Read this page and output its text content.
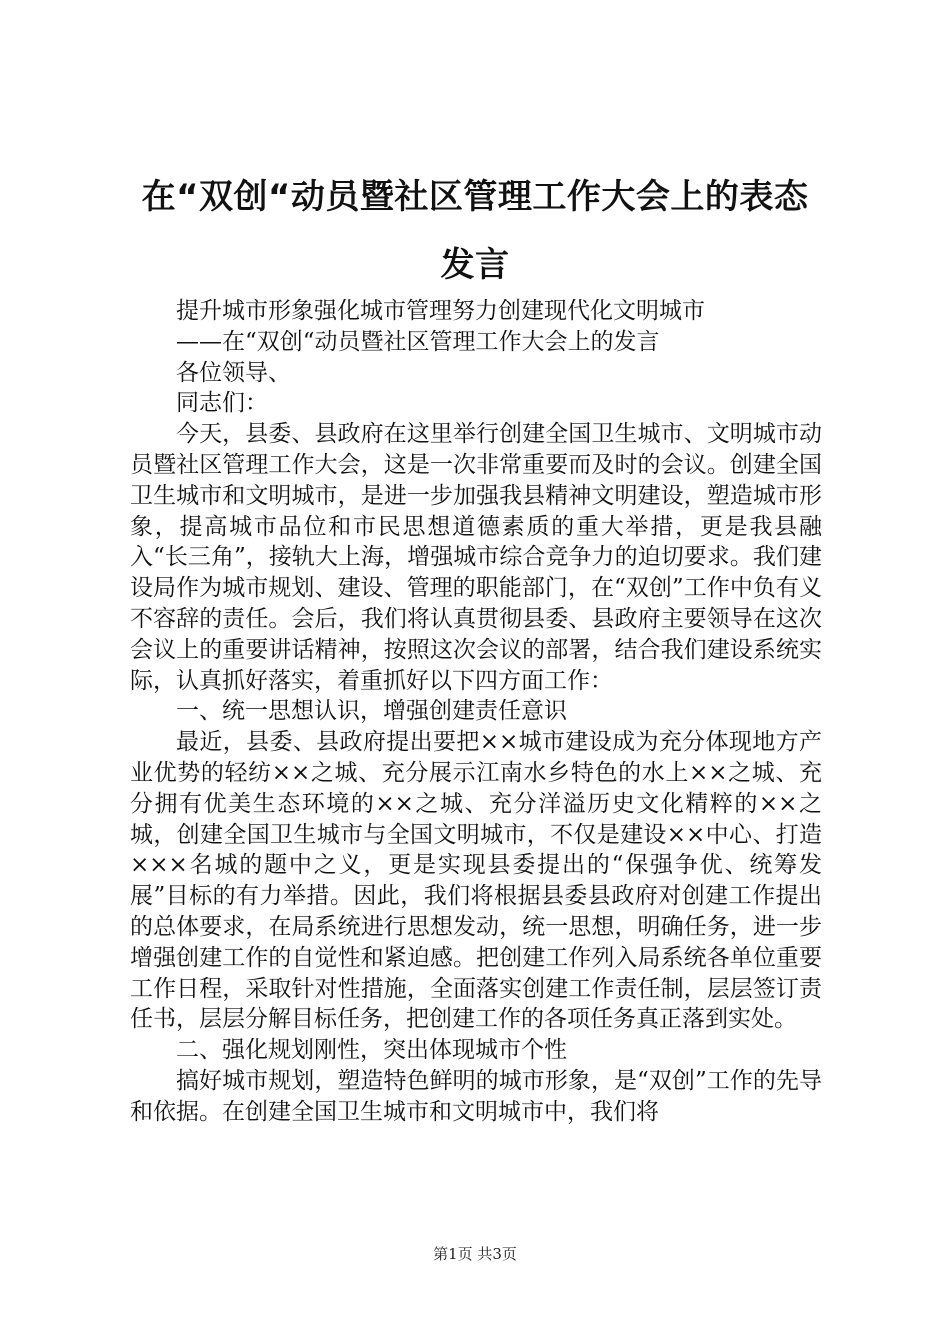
在“双创“动员暨社区管理工作大会上的表态
发言

提升城市形象强化城市管理努力创建现代化文明城市

——在“双创“动员暨社区管理工作大会上的发言

各位领导、

同志们：

今天，县委、县政府在这里举行创建全国卫生城市、文明城市动员暨社区管理工作大会，这是一次非常重要而及时的会议。创建全国卫生城市和文明城市，是进一步加强我县精神文明建设，塑造城市形象，提高城市品位和市民思想道德素质的重大举措，更是我县融入“长三角”，接轨大上海，增强城市综合竞争力的迫切要求。我们建设局作为城市规划、建设、管理的职能部门，在“双创”工作中负有义不容辞的责任。会后，我们将认真贯彻县委、县政府主要领导在这次会议上的重要讲话精神，按照这次会议的部署，结合我们建设系统实际，认真抓好落实，着重抓好以下四方面工作：

一、统一思想认识，增强创建责任意识

最近，县委、县政府提出要把××城市建设成为充分体现地方产业优势的轻纺××之城、充分展示江南水乡特色的水上××之城、充分拥有优美生态环境的××之城、充分洋溢历史文化精粹的××之城，创建全国卫生城市与全国文明城市，不仅是建设××中心、打造×××名城的题中之义，更是实现县委提出的“保强争优、统筹发展”目标的有力举措。因此，我们将根据县委县政府对创建工作提出的总体要求，在局系统进行思想发动，统一思想，明确任务，进一步增强创建工作的自觉性和紧迫感。把创建工作列入局系统各单位重要工作日程，采取针对性措施，全面落实创建工作责任制，层层签订责任书，层层分解目标任务，把创建工作的各项任务真正落到实处。

二、强化规划刚性，突出体现城市个性

搞好城市规划，塑造特色鲜明的城市形象，是“双创”工作的先导和依据。在创建全国卫生城市和文明城市中，我们将

第1页 共3页
